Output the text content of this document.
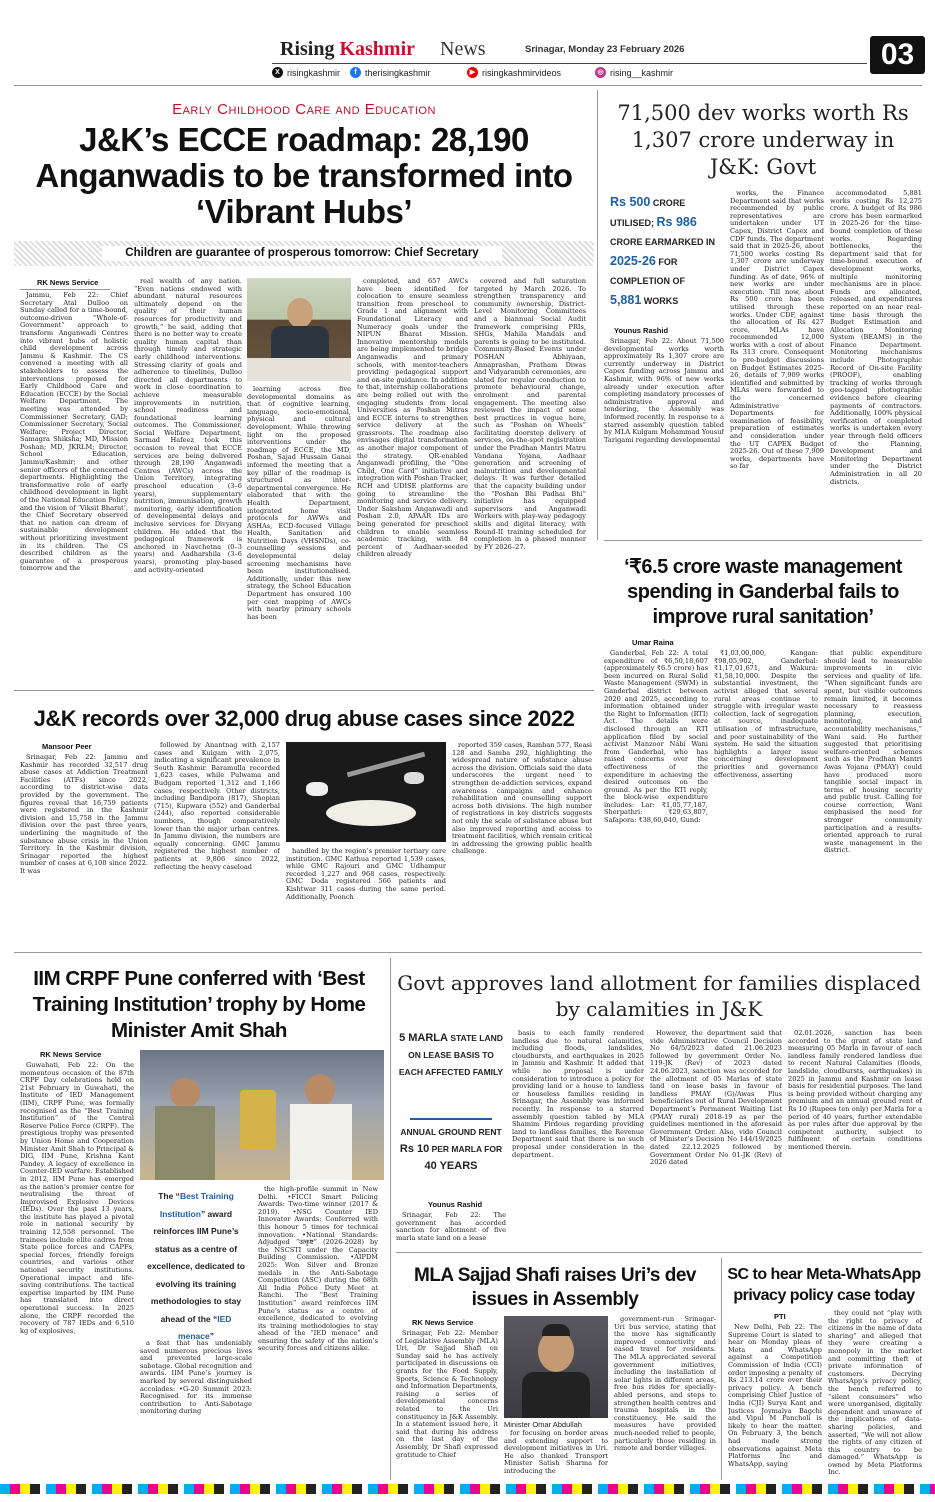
Rising Kashmir News	Srinagar, Monday 23 February 2026	03
X risingkashmir	f therisingkashmir	▶ risingkashmirvideos	◎ rising__kashmir
Early Childhood Care and Education
J&K’s ECCE roadmap: 28,190 Anganwadis to be transformed into ‘Vibrant Hubs’
Children are guarantee of prosperous tomorrow: Chief Secretary
RK News Service

Jammu, Feb 22: Chief Secretary Atal Dulloo on Sunday called for a time-bound, outcome-driven “Whole-of-Government” approach to transform Anganwadi Centres into vibrant hubs of holistic child development across Jammu & Kashmir. The CS convened a meeting with all stakeholders to assess the interventions proposed for Early Childhood Care and Education (ECCE) by the Social Welfare Department. The meeting was attended by Commissioner Secretary, GAD; Commissioner Secretary, Social Welfare; Project Director, Samagra Shiksha; MD, Mission Poshan; MD, JKRLM; Director, School Education, Jammu/Kashmir; and other senior officers of the concerned departments. Highlighting the transformative role of early childhood development in light of the National Education Policy and the vision of ‘Viksit Bharat’, the Chief Secretary observed that no nation can dream of sustainable development without prioritizing investment in its children. The CS described children as the guarantee of a prosperous tomorrow and the

real wealth of any nation. “Even nations endowed with abundant natural resources ultimately depend on the quality of their human resources for productivity and growth,” he said, adding that there is no better way to create quality human capital than through timely and strategic early childhood interventions. Stressing clarity of goals and adherence to timelines, Dulloo directed all departments to work in close coordination to achieve measurable improvements in nutrition, school readiness and foundational learning outcomes. The Commissioner, Social Welfare Department, Sarmad Hafeez took this occasion to reveal that ECCE services are being delivered through 28,190 Anganwadi Centres (AWCs) across the Union Territory, integrating preschool education (3–6 years), supplementary nutrition, immunisation, growth monitoring, early identification of developmental delays and inclusive services for Divyang children. He added that the pedagogical framework is anchored in Navchetna (0–3 years) and Aadharshila (3–6 years), promoting play-based and activity-oriented

learning across five developmental domains as that of cognitive learning, language, socio-emotional, physical and cultural development. While throwing light on the proposed interventions under the roadmap of ECCE, the MD, Poshan, Sajad Hussain Ganai informed the meeting that a key pillar of the roadmap is structured as inter-departmental convergence. He elaborated that with the Health Department, integrated home visit protocols for AWWs and ASHAs, ECD-focused Village Health, Sanitation and Nutrition Days (VHSNDs), co-counselling sessions and developmental delay screening mechanisms have been institutionalised. Additionally, under this new strategy, the School Education Department has ensured 100 per cent mapping of AWCs with nearby primary schools has been

completed, and 657 AWCs have been identified for colocation to ensure seamless transition from preschool to Grade 1 and alignment with Foundational Literacy and Numeracy goals under the NIPUN Bharat Mission. Innovative mentorship models are being implemented to bridge Anganwadis and primary schools, with mentor-teachers providing pedagogical support and on-site guidance. In addition to that, internship collaborations are being rolled out with the engaging students from local Universities as Poshan Mitras and ECCE interns to strengthen service delivery at the grassroots. The roadmap also envisages digital transformation as another major component of the strategy. QR-enabled Anganwadi profiling, the “One Child, One Card” initiative and integration with Poshan Tracker, RCH and UDISE platforms are going to streamline the monitoring and service delivery. Under Saksham Anganwadi and Poshan 2.0, APAAR IDs are being generated for preschool children to enable seamless academic tracking, with 84 percent of Aadhaar-seeded children already

covered and full saturation targeted by March 2026. To strengthen transparency and community ownership, District-Level Monitoring Committees and a biannual Social Audit framework comprising PRIs, SHGs, Mahila Mandals and parents is going to be instituted. Community-Based Events under POSHAN Abhiyaan, Annaprashan, Pratham Diwas and Vidyarambh ceremonies, are slated for regular conduction to promote behavioural change, enrolment and parental engagement. The meeting also reviewed the impact of some best practices in vogue here, such as “Poshan on Wheels” facilitating doorstep delivery of services, on-the-spot registration under the Pradhan Mantri Matru Vandana Yojana, Aadhaar generation and screening of malnutrition and developmental delays. It was further detailed that the capacity building under the “Poshan Bhi Padhai Bhi” initiative has equipped supervisors and Anganwadi Workers with play-way pedagogy skills and digital literacy, with Round-II training scheduled for completion in a phased manner by FY 2026–27.

71,500 dev works worth Rs 1,307 crore underway in J&K: Govt
Rs 500 CRORE UTILISED; Rs 986 CRORE EARMARKED IN 2025-26 FOR COMPLETION OF 5,881 WORKS
Younus Rashid

Srinagar, Feb 22: About 71,500 developmental works worth approximately Rs 1,307 crore are currently underway in District Capex funding across Jammu and Kashmir, with 96% of new works already under execution after completing mandatory processes of administrative approval and tendering, the Assembly was informed recently. In response to a starred assembly question tabled by MLA Kulgam Mohammad Yousuf Tarigami regarding developmental

works, the Finance Department said that works recommended by public representatives are undertaken under UT Capex, District Capex and CDF funds. The department said that in 2025-26, about 71,500 works costing Rs 1,307 crore are underway under District Capex funding. As of date, 96% of new works are under execution. Till now, about Rs 500 crore has been utilised through these works. Under CDF, against the allocation of Rs 427 crore, MLAs have recommended 12,000 works with a cost of about Rs 313 crore. Consequent to pre-budget discussions on Budget Estimates 2025-26, details of 7,909 works identified and submitted by MLAs were forwarded to the concerned Administrative Departments for examination of feasibility, preparation of estimates and consideration under the UT CAPEX Budget 2025-26. Out of these 7,909 works, departments have so far

accommodated 5,881 works costing Rs 12,275 crore. A budget of Rs 986 crore has been earmarked in 2025-26 for the time-bound completion of these works. Regarding bottlenecks, the department said that for time-bound execution of development works, multiple monitoring mechanisms are in place. Funds are allocated, released, and expenditures reported on an near real-time basis through the Budget Estimation and Allocation Monitoring System (BEAMS) in the Finance Department. Monitoring mechanisms include Photographic Record of On-site Facility (PROOF), enabling tracking of works through geo-tagged photographic evidence before clearing payments of contractors. Additionally, 100% physical verification of completed works is undertaken every year through field officers of the Planning, Development and Monitoring Department under the District Administration in all 20 districts.

‘₹6.5 crore waste management spending in Ganderbal fails to improve rural sanitation’
Umar Raina

Ganderbal, Feb 22: A total expenditure of ₹6,50,18,607 (approximately ₹6.5 crore) has been incurred on Rural Solid Waste Management (SWM) in Ganderbal district between 2020 and 2025, according to information obtained under the Right to Information (RTI) Act. The details were disclosed through an RTI application filed by social activist Manzoor Nabi Wani from Ganderbal, who has raised concerns over the effectiveness of the expenditure in achieving the desired outcomes on the ground. As per the RTI reply, the block-wise expenditure includes: Lar: ₹1,05,77,187, Sherpathri: ₹29,63,807, Safapora: ₹38,60,040, Gund:

₹1,03,00,000, Kangan: ₹98,05,902, Ganderbal: ₹1,17,01,671, and Wakura: ₹1,58,10,000. Despite the substantial investment, the activist alleged that several rural areas continue to struggle with irregular waste collection, lack of segregation at source, inadequate utilisation of infrastructure, and poor sustainability of the system. He said the situation highlights a larger issue concerning development priorities and governance effectiveness, asserting

that public expenditure should lead to measurable improvements in civic services and quality of life. “When significant funds are spent, but visible outcomes remain limited, it becomes necessary to reassess planning, execution, monitoring, and accountability mechanisms,” Wani said. He further suggested that prioritising welfare-oriented schemes such as the Pradhan Mantri Awas Yojana (PMAY) could have produced more tangible social impact in terms of housing security and public trust. Calling for course correction, Wani emphasised the need for stronger community participation and a results-oriented approach to rural waste management in the district.

J&K records over 32,000 drug abuse cases since 2022
Mansoor Peer

Srinagar, Feb 22: Jammu and Kashmir has recorded 32,517 drug abuse cases at Addiction Treatment Facilities (ATFs) since 2022, according to district-wise data provided by the government. The figures reveal that 16,759 patients were registered in the Kashmir division and 15,758 in the Jammu division over the past three years, underlining the magnitude of the substance abuse crisis in the Union Territory. In the Kashmir division, Srinagar reported the highest number of cases at 6,100 since 2022. It was

followed by Anantnag with 2,157 cases and Kulgam with 2,075, indicating a significant prevalence in South Kashmir. Baramulla recorded 1,623 cases, while Pulwama and Budgam reported 1,312 and 1,166 cases, respectively. Other districts, including Bandipora (817), Shopian (715), Kupwara (552) and Ganderbal (244), also reported considerable numbers, though comparatively lower than the major urban centres. In Jammu division, the numbers are equally concerning. GMC Jammu registered the highest number of patients at 9,806 since 2022, reflecting the heavy caseload

handled by the region’s premier tertiary care institution. GMC Kathua reported 1,539 cases, while GMC Rajouri and GMC Udhampur recorded 1,227 and 968 cases, respectively. GMC Doda registered 566 patients and Kishtwar 311 cases during the same period. Additionally, Poonch

reported 359 cases, Ramban 577, Reasi 128 and Samba 292, highlighting the widespread nature of substance abuse across the division. Officials said the data underscores the urgent need to strengthen de-addiction services, expand awareness campaigns and enhance rehabilitation and counselling support across both divisions. The high number of registrations in key districts suggests not only the scale of substance abuse but also improved reporting and access to treatment facilities, which remain critical in addressing the growing public health challenge.

IIM CRPF Pune conferred with ‘Best Training Institution’ trophy by Home Minister Amit Shah
RK News Service

Guwahati, Feb 22: On the momentous occasion of the 87th CRPF Day celebrations held on 21st February in Guwahati, the Institute of IED Management (IIM), CRPF Pune, was formally recognised as the “Best Training Institution” of the Central Reserve Police Force (CRPF). The prestigious trophy was presented by Union Home and Cooperation Minister Amit Shah to Principal & DIG, IIM Pune, Krishna Kant Pandey. A legacy of excellence in Counter-IED warfare. Established in 2012, IIM Pune has emerged as the nation’s premier centre for neutralising the threat of Improvised Explosive Devices (IEDs). Over the past 13 years, the institute has played a pivotal role in national security by training 12,558 personnel. The trainees include elite cadres from State police forces and CAPFs, special forces, friendly foreign countries, and various other national security institutions. Operational impact and life-saving contributions. The tactical expertise imparted by IIM Pune has translated into direct operational success. In 2025 alone, the CRPF recorded the recovery of 787 IEDs and 6,510 kg of explosives,

The “Best Training Institution” award reinforces IIM Pune’s status as a centre of excellence, dedicated to evolving its training methodologies to stay ahead of the “IED menace”

a feat that has undeniably saved numerous precious lives and prevented large-scale sabotage. Global recognition and awards. IIM Pune’s journey is marked by several distinguished accolades: •G-20 Summit 2023: Recognised for its immense contribution to Anti-Sabotage monitoring during

the high-profile summit in New Delhi. •FICCI Smart Policing Awards: Two-time winner (2017 & 2019). •NSG Counter IED Innovator Awards: Conferred with this honour 5 times for technical innovation. •National Standards: Adjudged “उत्कृष्ट” (2026-2028) by the NSCSTI under the Capacity Building Commission. •AIPDM 2025: Won Silver and Bronze medals in the Anti-Sabotage Competition (ASC) during the 68th All India Police Duty Meet at Ranchi. The “Best Training Institution” award reinforces IIM Pune’s status as a centre of excellence, dedicated to evolving its training methodologies to stay ahead of the “IED menace” and ensuring the safety of the nation’s security forces and citizens alike.

Govt approves land allotment for families displaced by calamities in J&K
5 MARLA STATE LAND ON LEASE BASIS TO EACH AFFECTED FAMILY
ANNUAL GROUND RENT Rs 10 PER MARLA FOR 40 YEARS
Younus Rashid

Srinagar, Feb 22: The government has accorded sanction for allotment of five marla state land on a lease

basis to each family rendered landless due to natural calamities, including floods, landslides, cloudbursts, and earthquakes in 2025 in Jammu and Kashmir. It added that while no proposal is under consideration to introduce a policy for providing land or a house to landless or houseless families residing in Srinagar, the Assembly was informed recently. In response to a starred assembly question tabled by MLA Shamim Firdous regarding providing land to landless families, the Revenue Department said that there is no such proposal under consideration in the department.

However, the department said that vide Administrative Council Decision No 64/5/2023 dated 21.06.2023 followed by government Order No. 119-JK (Rev) of 2023 dated 24.06.2023, sanction was accorded for the allotment of 05 Marlas of state land on lease basis in favour of landless PMAY (G)/Awas Plus beneficiaries out of Rural Development Department’s Permanent Waiting List (PMAY rural) 2018-19 as per the guidelines mentioned in the aforesaid Government Order. Also, vide Council of Minister’s Decision No 144/19/2025 dated 22.12.2025 followed by Government Order No 01-JK (Rev) of 2026 dated

02.01.2026, sanction has been accorded to the grant of state land measuring 05 Marla in favour of each landless family rendered landless due to recent Natural Calamities (floods, landslide, cloudbursts, earthquakes) in 2025 in Jammu and Kashmir on lease basis for residential purposes. The land is being provided without charging any premium and an annual ground rent of Rs 10 (Rupees ten only) per Marla for a period of 40 years, further extendable as per rules after due approval by the competent authority, subject to fulfilment of certain conditions mentioned therein.

MLA Sajjad Shafi raises Uri’s dev issues in Assembly
RK News Service

Srinagar, Feb 22: Member of Legislative Assembly (MLA) Uri, Dr Sajjad Shafi on Sunday said he has actively participated in discussions on grants for the Food Supply, Sports, Science & Technology and Information Departments, raising a series of developmental concerns related to the Uri constituency in J&K Assembly. In a statement issued here, it said that during his address on the last day of the Assembly, Dr Shafi expressed gratitude to Chief

Minister Omar Abdullah

for focusing on border areas and extending support to development initiatives in Uri. He also thanked Transport Minister Satish Sharma for introducing the

government-run Srinagar-Uri bus service, stating that the move has significantly improved connectivity and eased travel for residents. The MLA appreciated several government initiatives, including the installation of solar lights in different areas, free bus rides for specially-abled persons, and steps to strengthen health centres and trauma hospitals in the constituency. He said the measures have provided much-needed relief to people, particularly those residing in remote and border villages.

SC to hear Meta-WhatsApp privacy policy case today
PTI

New Delhi, Feb 22: The Supreme Court is slated to hear on Monday pleas of Meta and WhatsApp against a Competition Commission of India (CCI) order imposing a penalty of Rs 213.14 crore over their privacy policy. A bench comprising Chief Justice of India (CJI) Surya Kant and Justices Joymalya Bagchi and Vipul M Pancholi is likely to hear the matter. On February 3, the bench had made strong observations against Meta Platforms Inc and WhatsApp, saying

they could not “play with the right to privacy of citizens in the name of data sharing” and alleged that they were creating a monopoly in the market and committing theft of private information of customers. Decrying WhatsApp’s privacy policy, the bench referred to “silent consumers” who were unorganised, digitally dependent and unaware of the implications of data-sharing policies, and asserted, “We will not allow the rights of any citizen of this country to be damaged.” WhatsApp is owned by Meta Platforms Inc.
